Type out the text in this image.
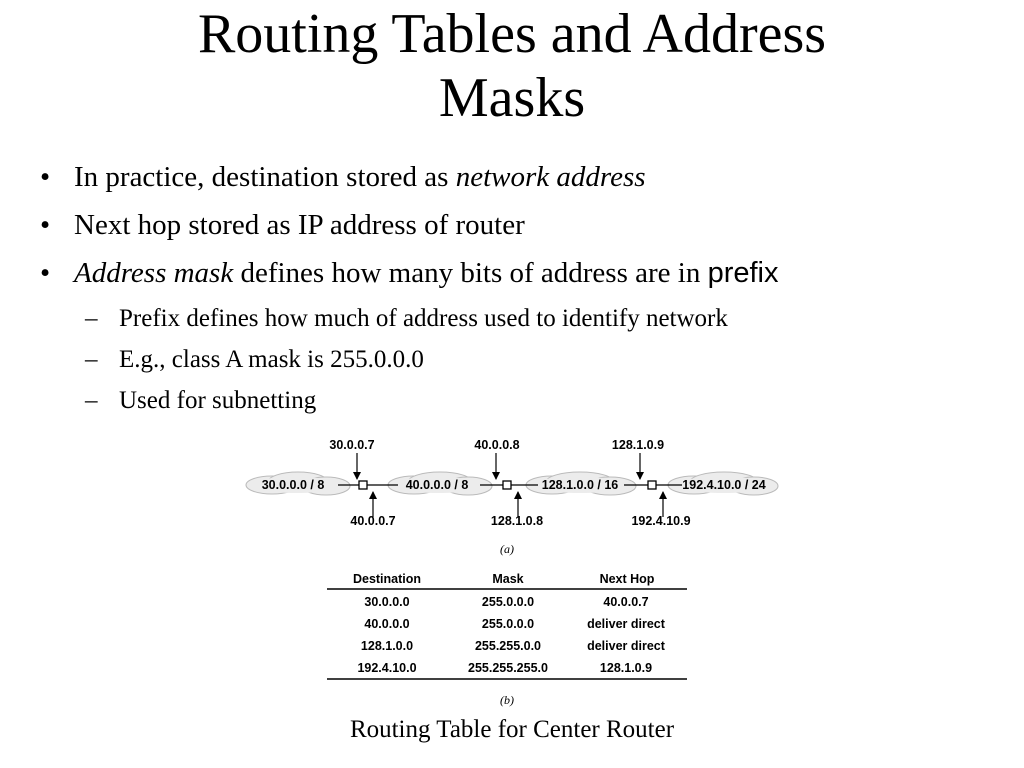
Routing Tables and Address
Masks
• In practice, destination stored as network address
• Next hop stored as IP address of router
• Address mask defines how many bits of address are in prefix
– Prefix defines how much of address used to identify network
– E.g., class A mask is 255.0.0.0
– Used for subnetting
30.0.0.0 / 8	40.0.0.0 / 8	128.1.0.0 / 16	192.4.10.0 / 24
30.0.0.7	40.0.0.8	128.1.0.9
40.0.0.7	128.1.0.8	192.4.10.9
(a)
Destination	Mask	Next Hop
30.0.0.0	255.0.0.0	40.0.0.7
40.0.0.0	255.0.0.0	deliver direct
128.1.0.0	255.255.0.0	deliver direct
192.4.10.0	255.255.255.0	128.1.0.9
(b)
Routing Table for Center Router
